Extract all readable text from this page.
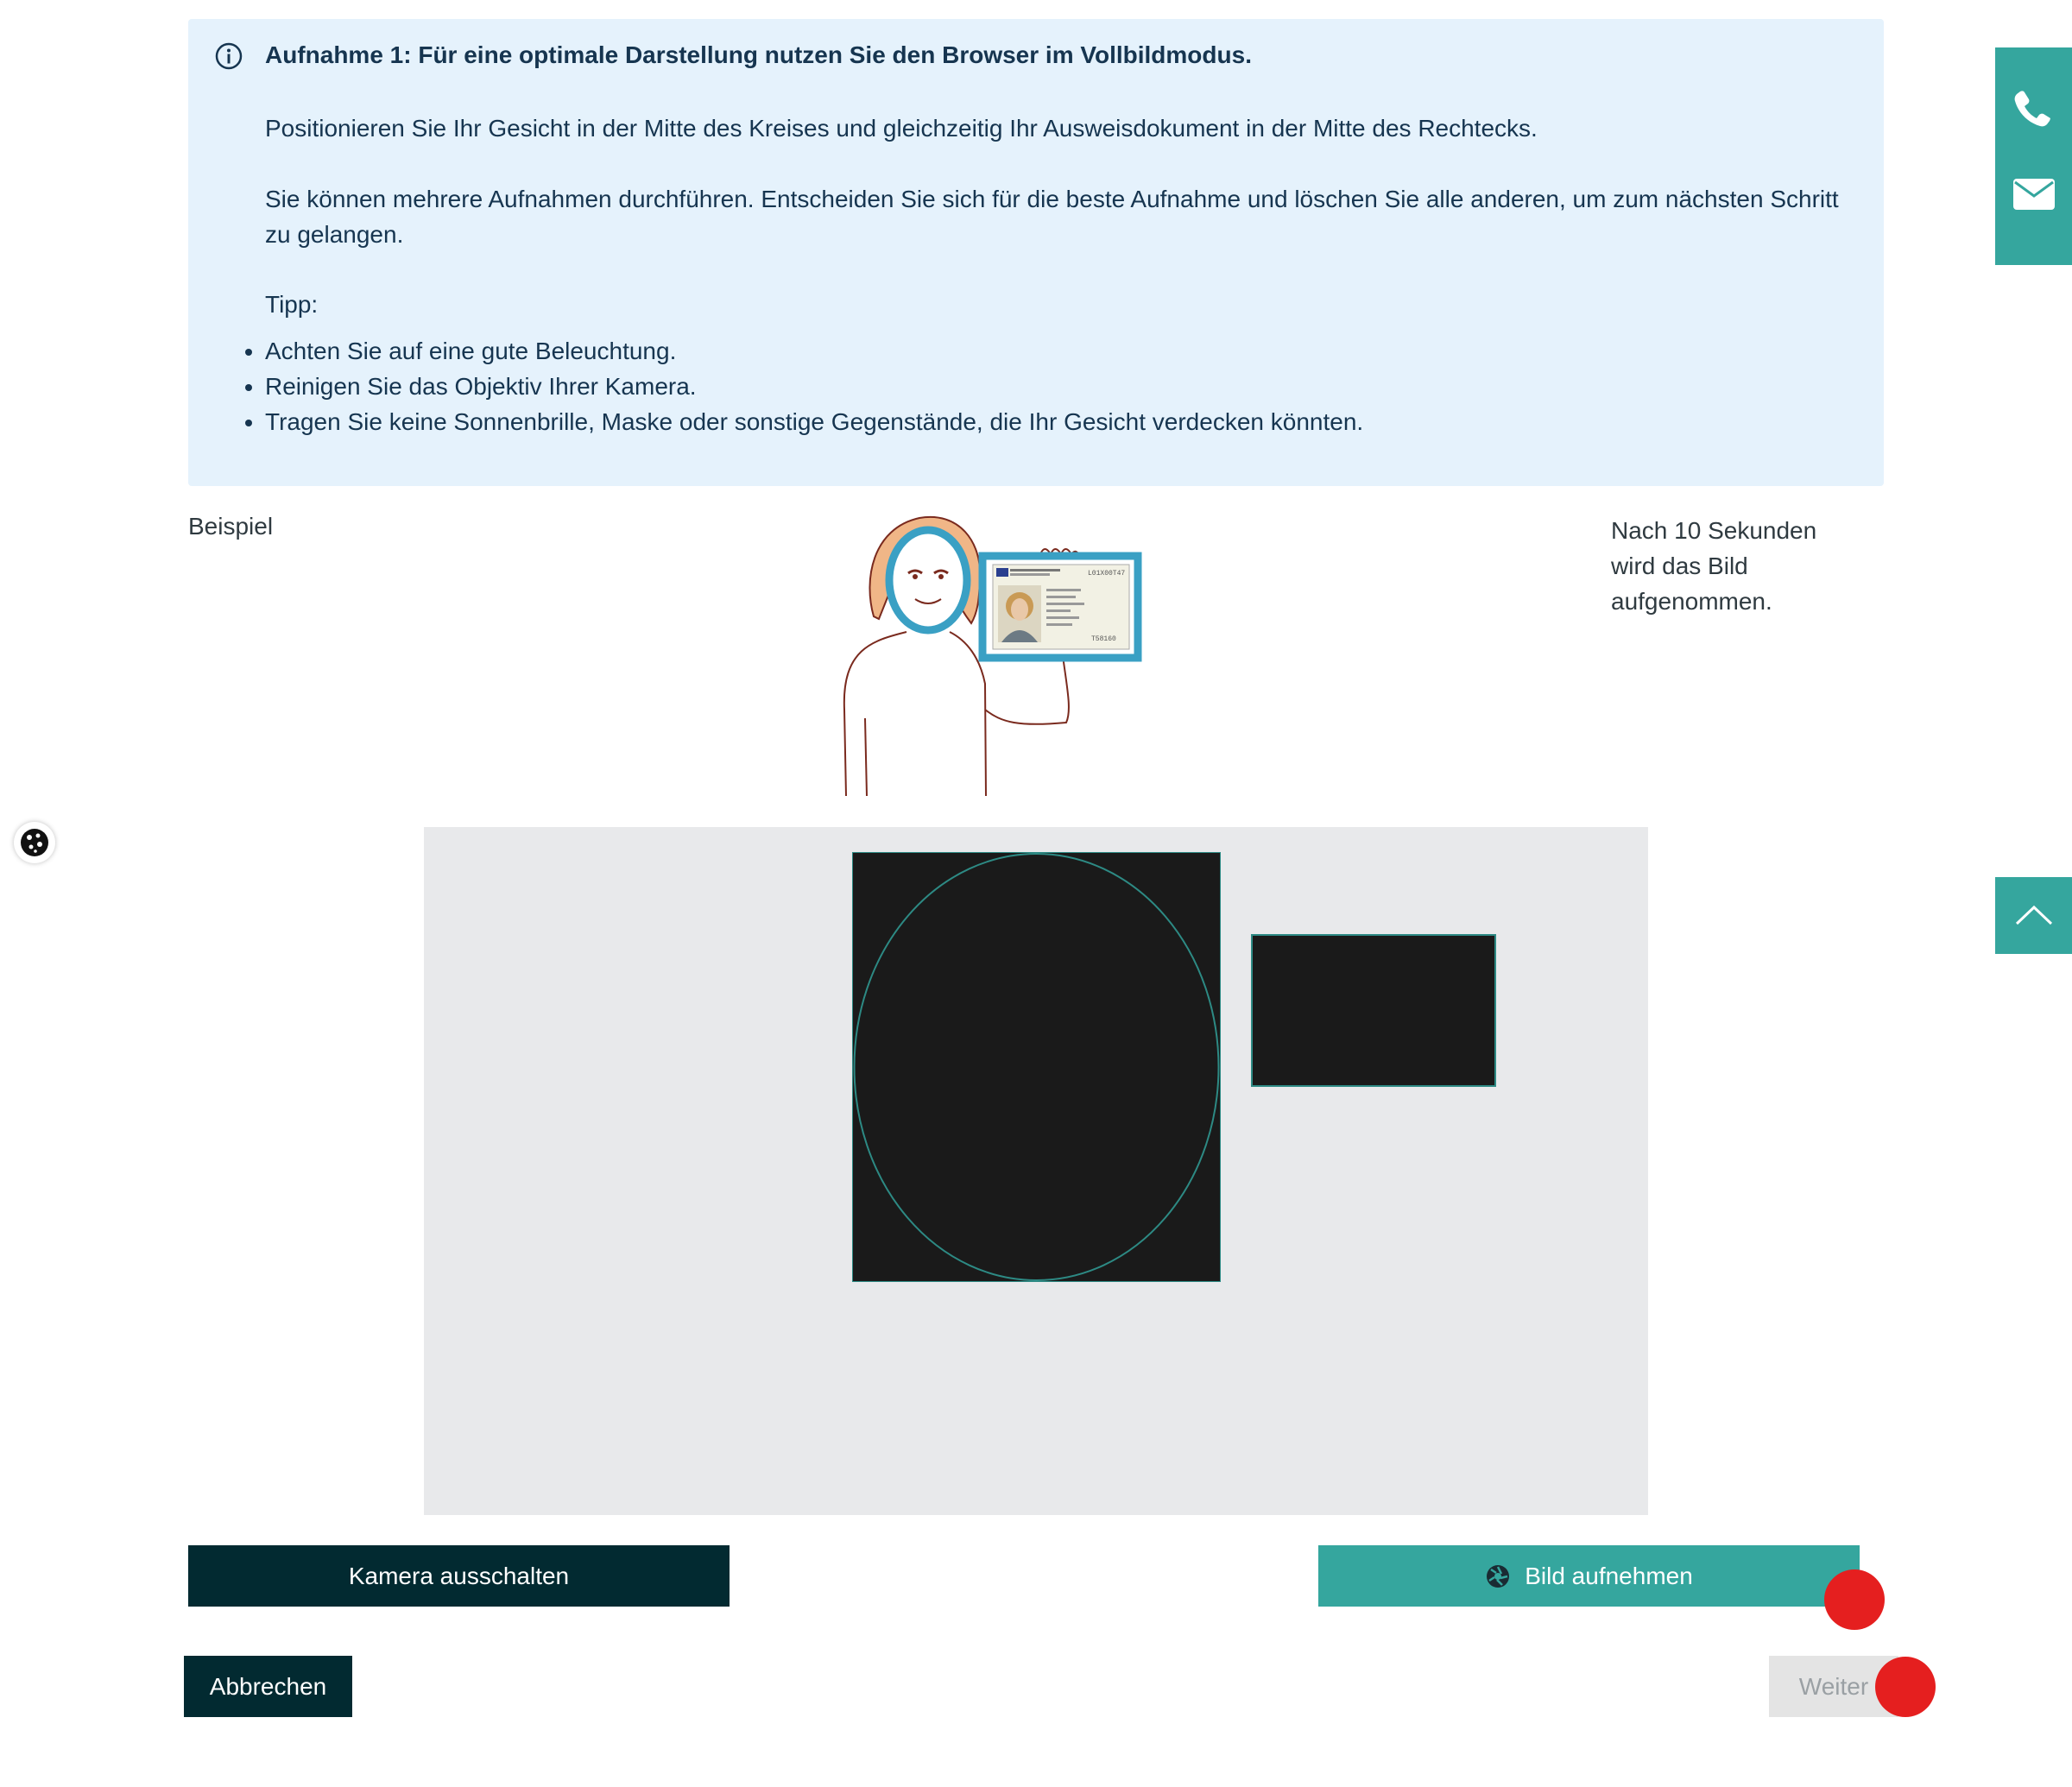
Aufnahme 1: Für eine optimale Darstellung nutzen Sie den Browser im Vollbildmodus.
Positionieren Sie Ihr Gesicht in der Mitte des Kreises und gleichzeitig Ihr Ausweisdokument in der Mitte des Rechtecks.
Sie können mehrere Aufnahmen durchführen. Entscheiden Sie sich für die beste Aufnahme und löschen Sie alle anderen, um zum nächsten Schritt zu gelangen.
Tipp:
• Achten Sie auf eine gute Beleuchtung.
• Reinigen Sie das Objektiv Ihrer Kamera.
• Tragen Sie keine Sonnenbrille, Maske oder sonstige Gegenstände, die Ihr Gesicht verdecken könnten.
Beispiel	Nach 10 Sekunden wird das Bild aufgenommen.
L01X00T47
T58160
Kamera ausschalten	Bild aufnehmen
Abbrechen	Weiter
